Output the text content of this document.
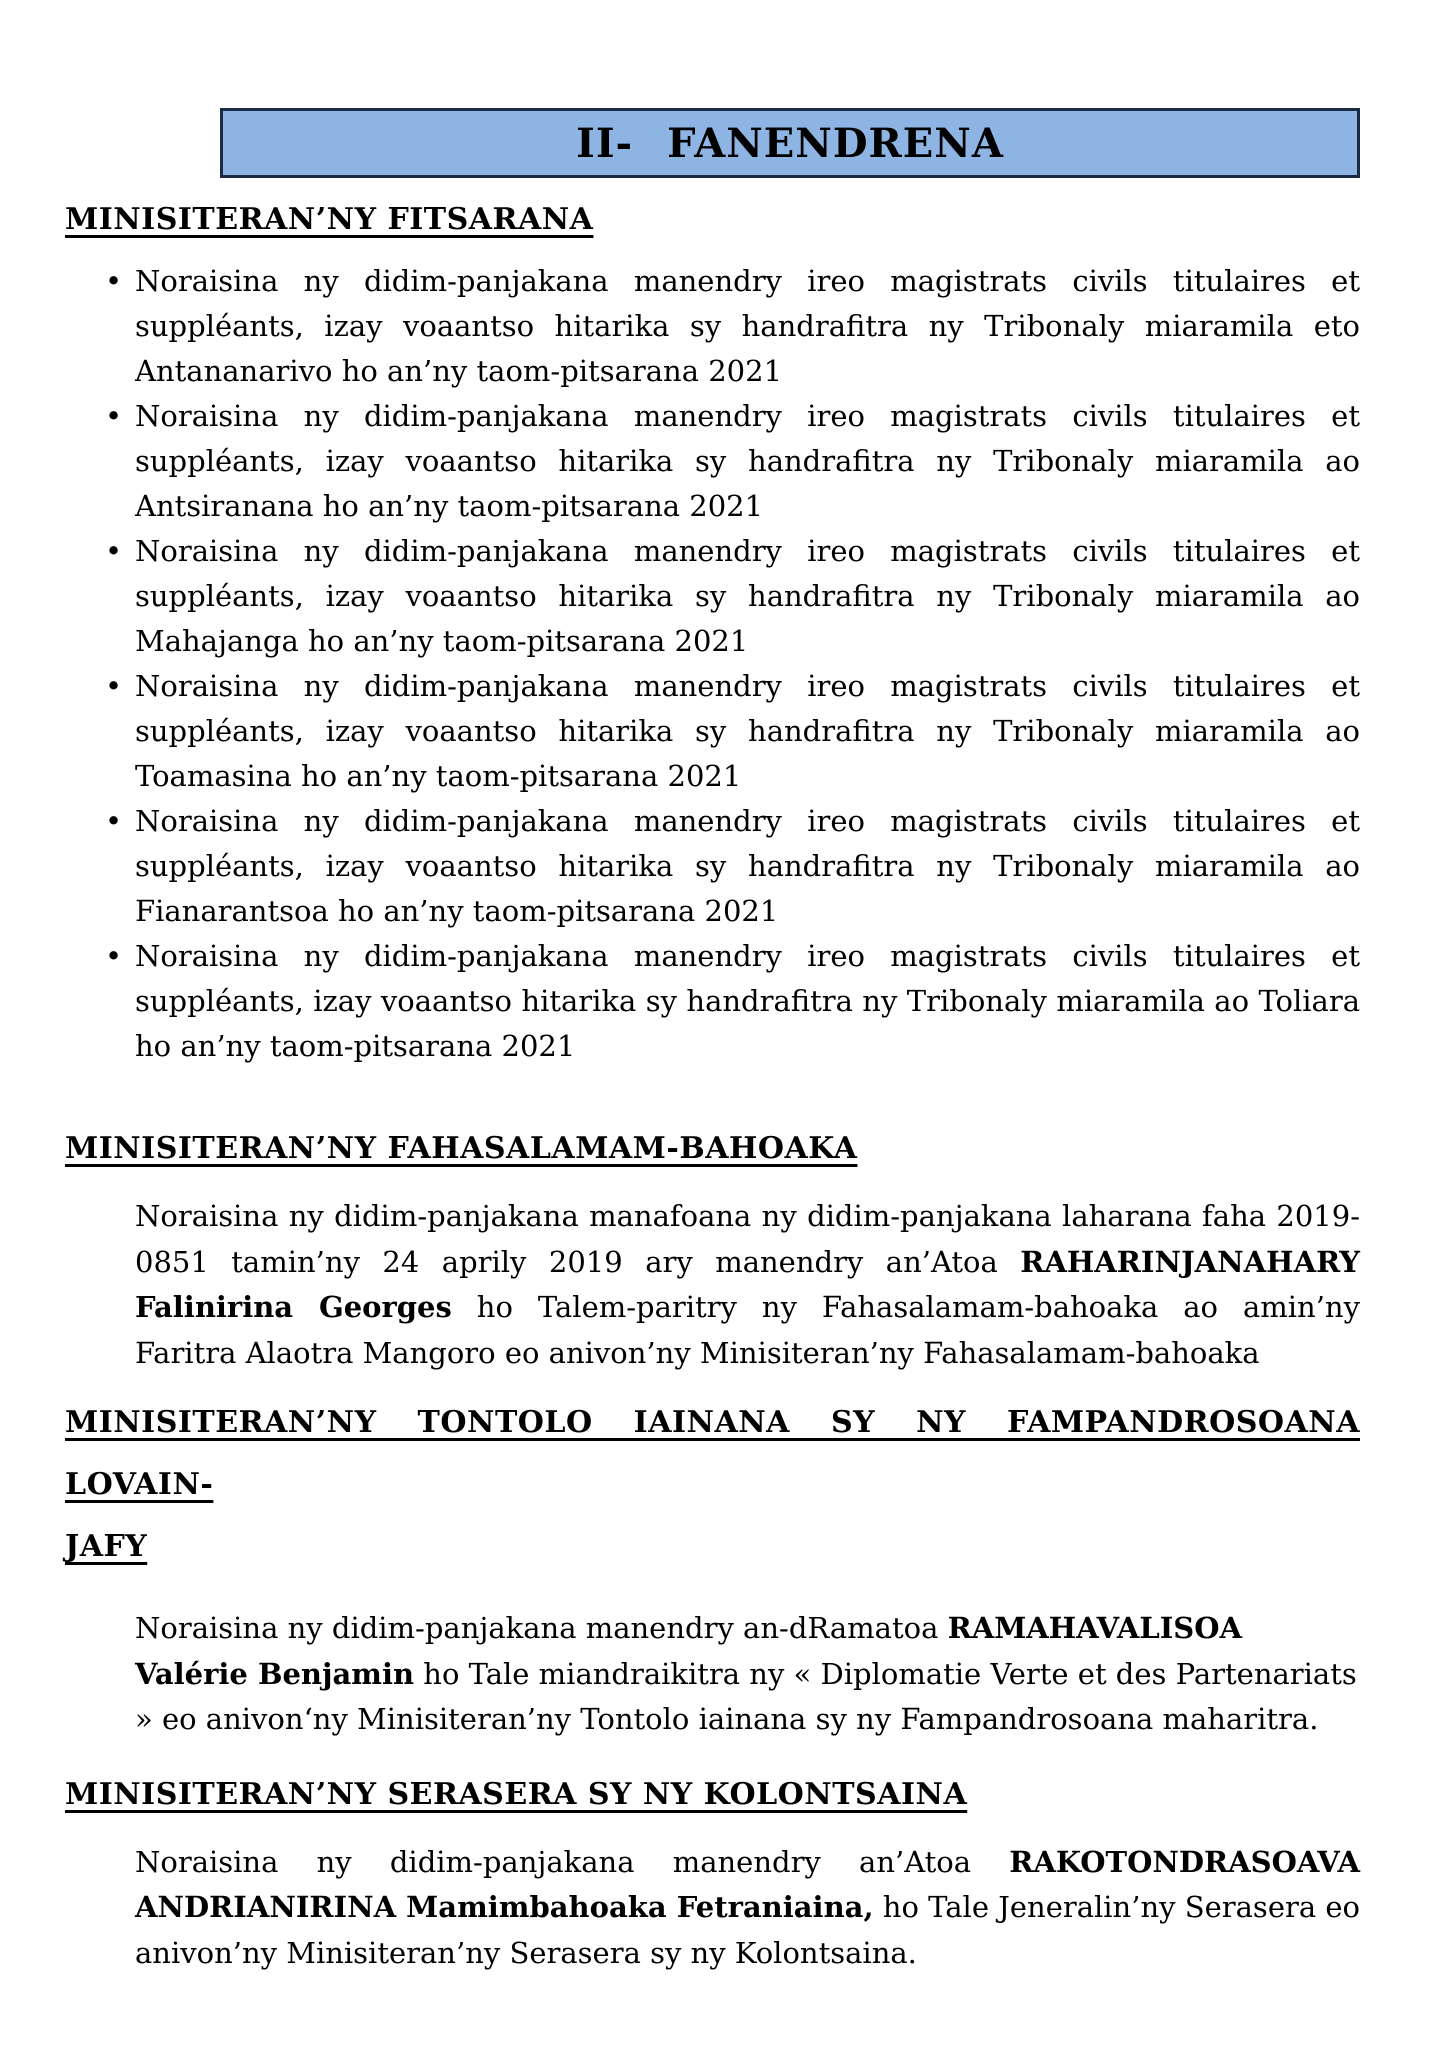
II- FANENDRENA
MINISITERAN’NY FITSARANA
• Noraisina ny didim-panjakana manendry ireo magistrats civils titulaires et suppléants, izay voaantso hitarika sy handrafitra ny Tribonaly miaramila eto Antananarivo ho an’ny taom-pitsarana 2021
• Noraisina ny didim-panjakana manendry ireo magistrats civils titulaires et suppléants, izay voaantso hitarika sy handrafitra ny Tribonaly miaramila ao Antsiranana ho an’ny taom-pitsarana 2021
• Noraisina ny didim-panjakana manendry ireo magistrats civils titulaires et suppléants, izay voaantso hitarika sy handrafitra ny Tribonaly miaramila ao Mahajanga ho an’ny taom-pitsarana 2021
• Noraisina ny didim-panjakana manendry ireo magistrats civils titulaires et suppléants, izay voaantso hitarika sy handrafitra ny Tribonaly miaramila ao Toamasina ho an’ny taom-pitsarana 2021
• Noraisina ny didim-panjakana manendry ireo magistrats civils titulaires et suppléants, izay voaantso hitarika sy handrafitra ny Tribonaly miaramila ao Fianarantsoa ho an’ny taom-pitsarana 2021
• Noraisina ny didim-panjakana manendry ireo magistrats civils titulaires et suppléants, izay voaantso hitarika sy handrafitra ny Tribonaly miaramila ao Toliara ho an’ny taom-pitsarana 2021
MINISITERAN’NY FAHASALAMAM-BAHOAKA

Noraisina ny didim-panjakana manafoana ny didim-panjakana laharana faha 2019-0851 tamin’ny 24 aprily 2019 ary manendry an’Atoa RAHARINJANAHARY Falinirina Georges ho Talem-paritry ny Fahasalamam-bahoaka ao amin’ny Faritra Alaotra Mangoro eo anivon’ny Minisiteran’ny Fahasalamam-bahoaka

MINISITERAN’NY TONTOLO IAINANA SY NY FAMPANDROSOANA LOVAIN-
JAFY

Noraisina ny didim-panjakana manendry an-dRamatoa RAMAHAVALISOA Valérie Benjamin ho Tale miandraikitra ny « Diplomatie Verte et des Partenariats » eo anivon‘ny Minisiteran’ny Tontolo iainana sy ny Fampandrosoana maharitra.

MINISITERAN’NY SERASERA SY NY KOLONTSAINA

Noraisina ny didim-panjakana manendry an’Atoa RAKOTONDRASOAVA ANDRIANIRINA Mamimbahoaka Fetraniaina, ho Tale Jeneralin’ny Serasera eo anivon’ny Minisiteran’ny Serasera sy ny Kolontsaina.
